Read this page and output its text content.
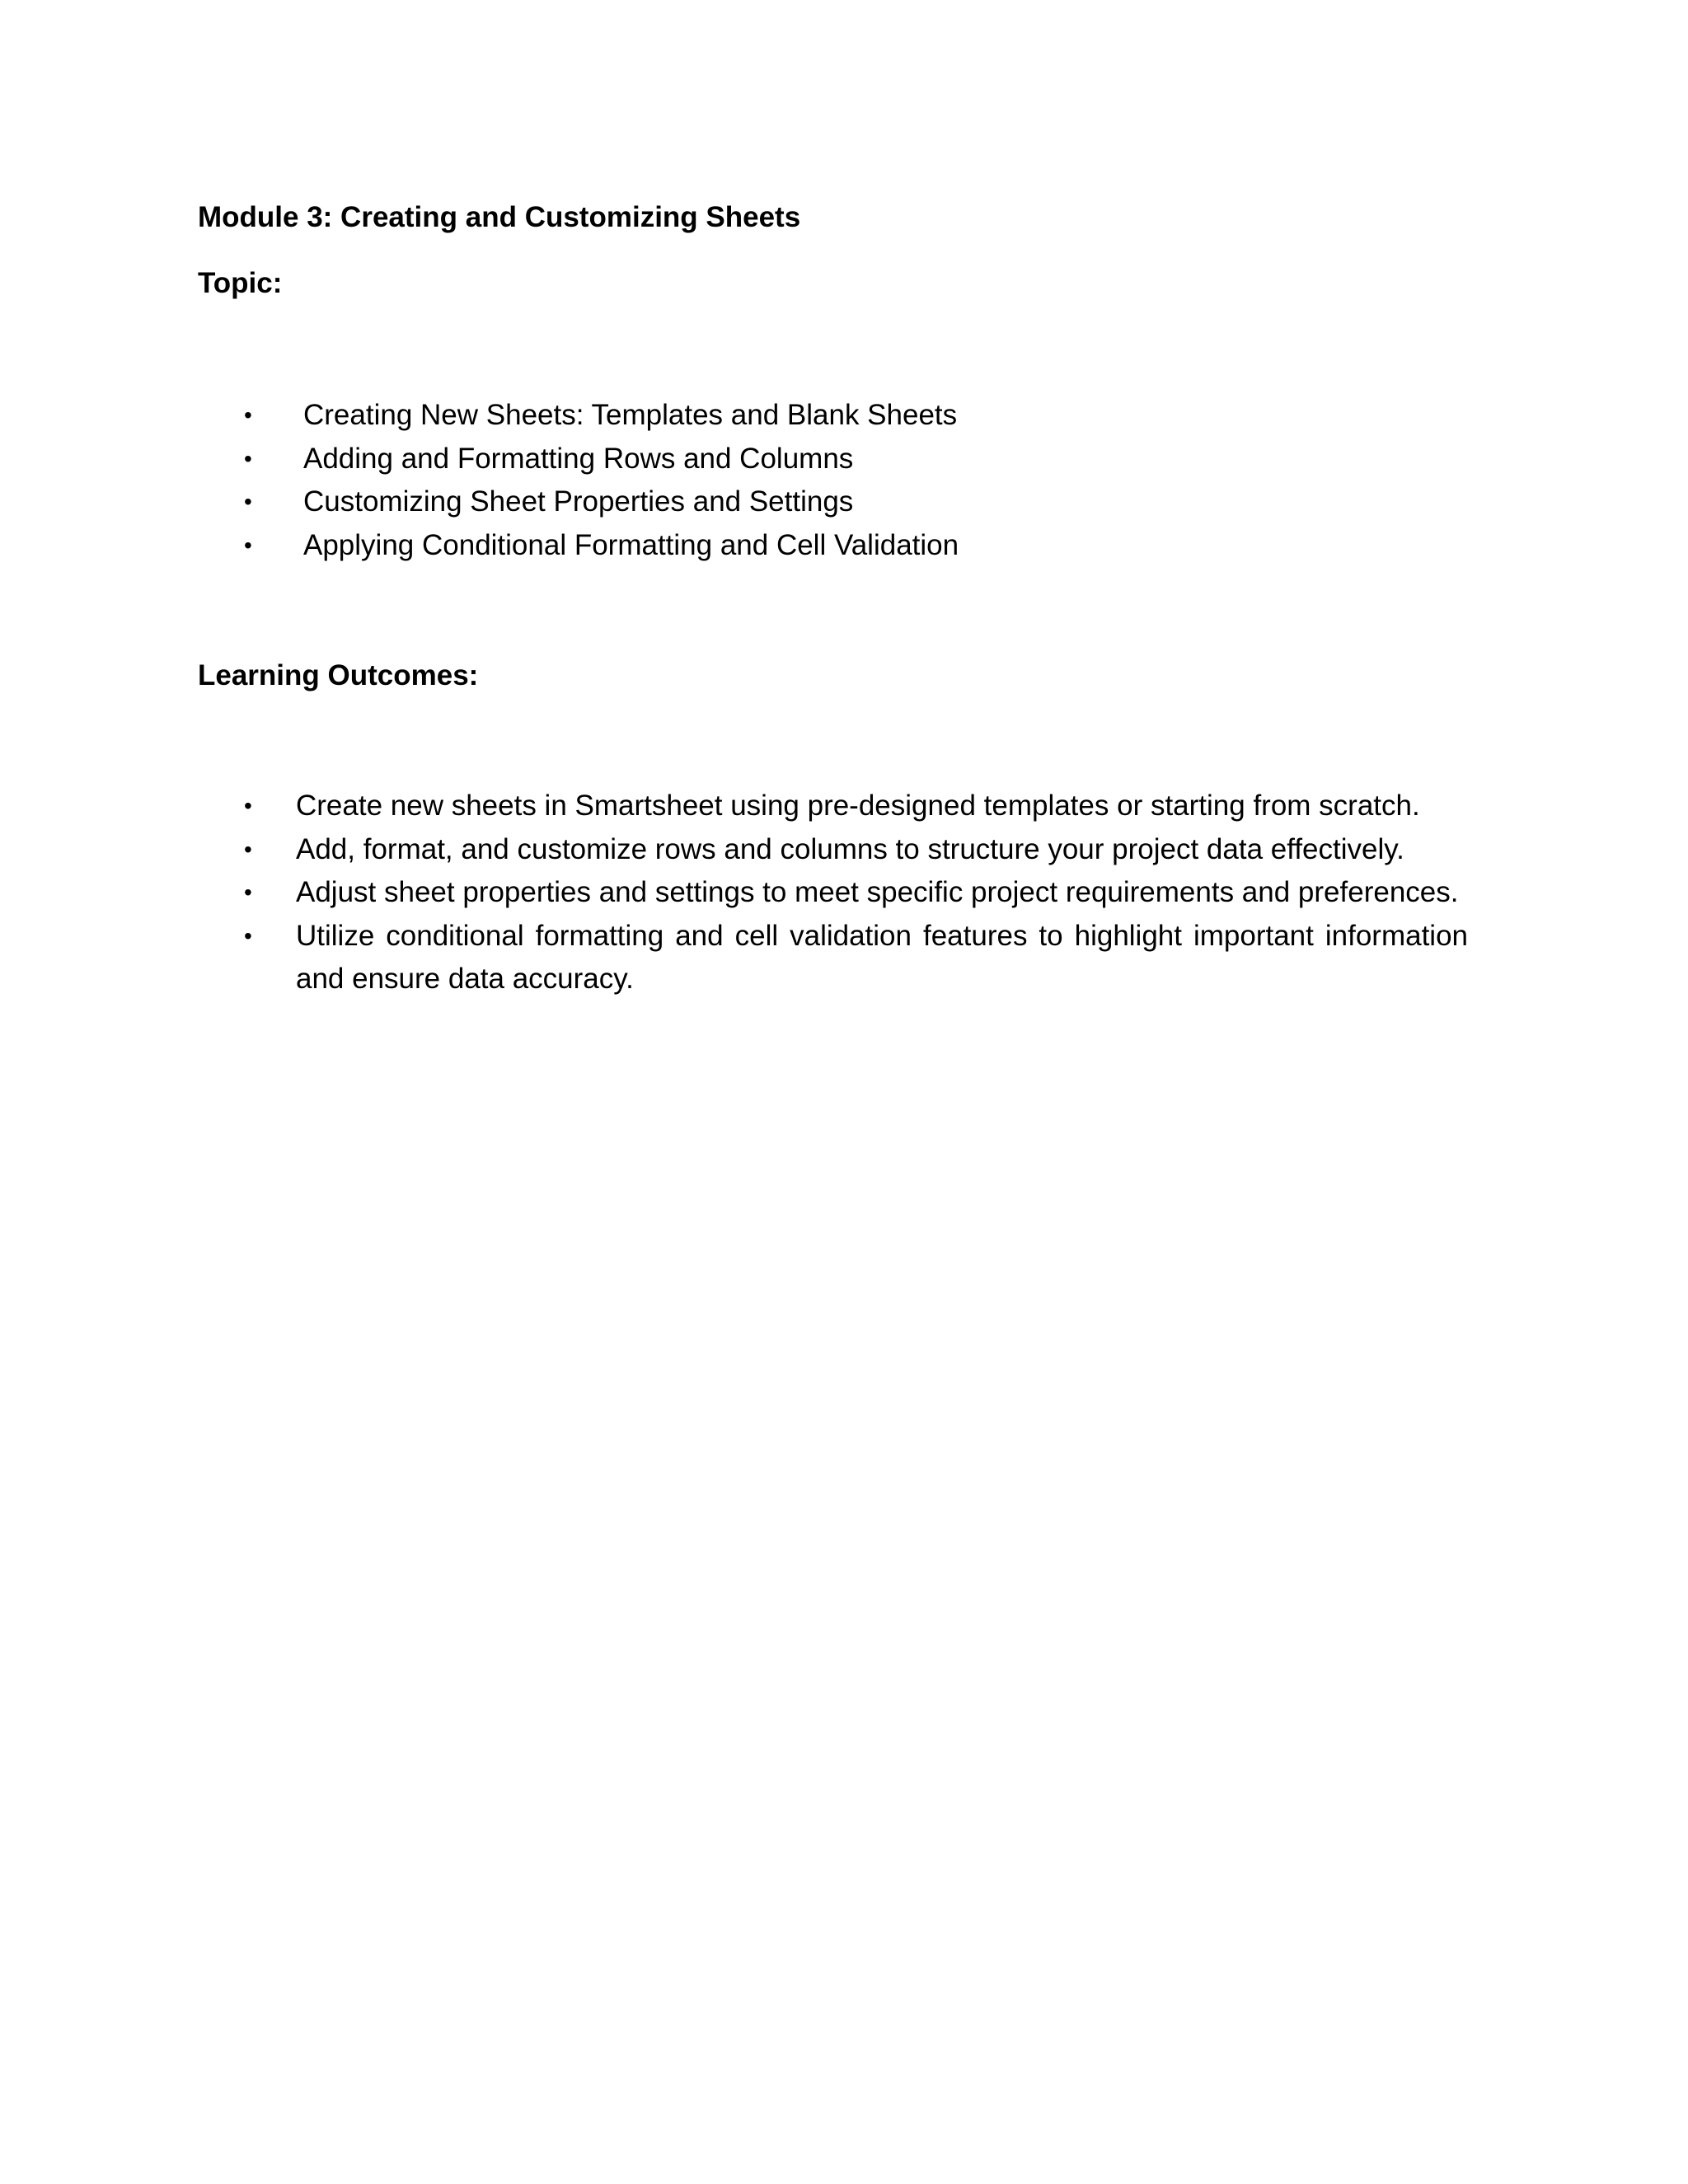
Module 3: Creating and Customizing Sheets
Topic:
• Creating New Sheets: Templates and Blank Sheets
• Adding and Formatting Rows and Columns
• Customizing Sheet Properties and Settings
• Applying Conditional Formatting and Cell Validation
Learning Outcomes:
• Create new sheets in Smartsheet using pre-designed templates or starting from scratch.
• Add, format, and customize rows and columns to structure your project data effectively.
• Adjust sheet properties and settings to meet specific project requirements and preferences.
• Utilize conditional formatting and cell validation features to highlight important information and ensure data accuracy.
